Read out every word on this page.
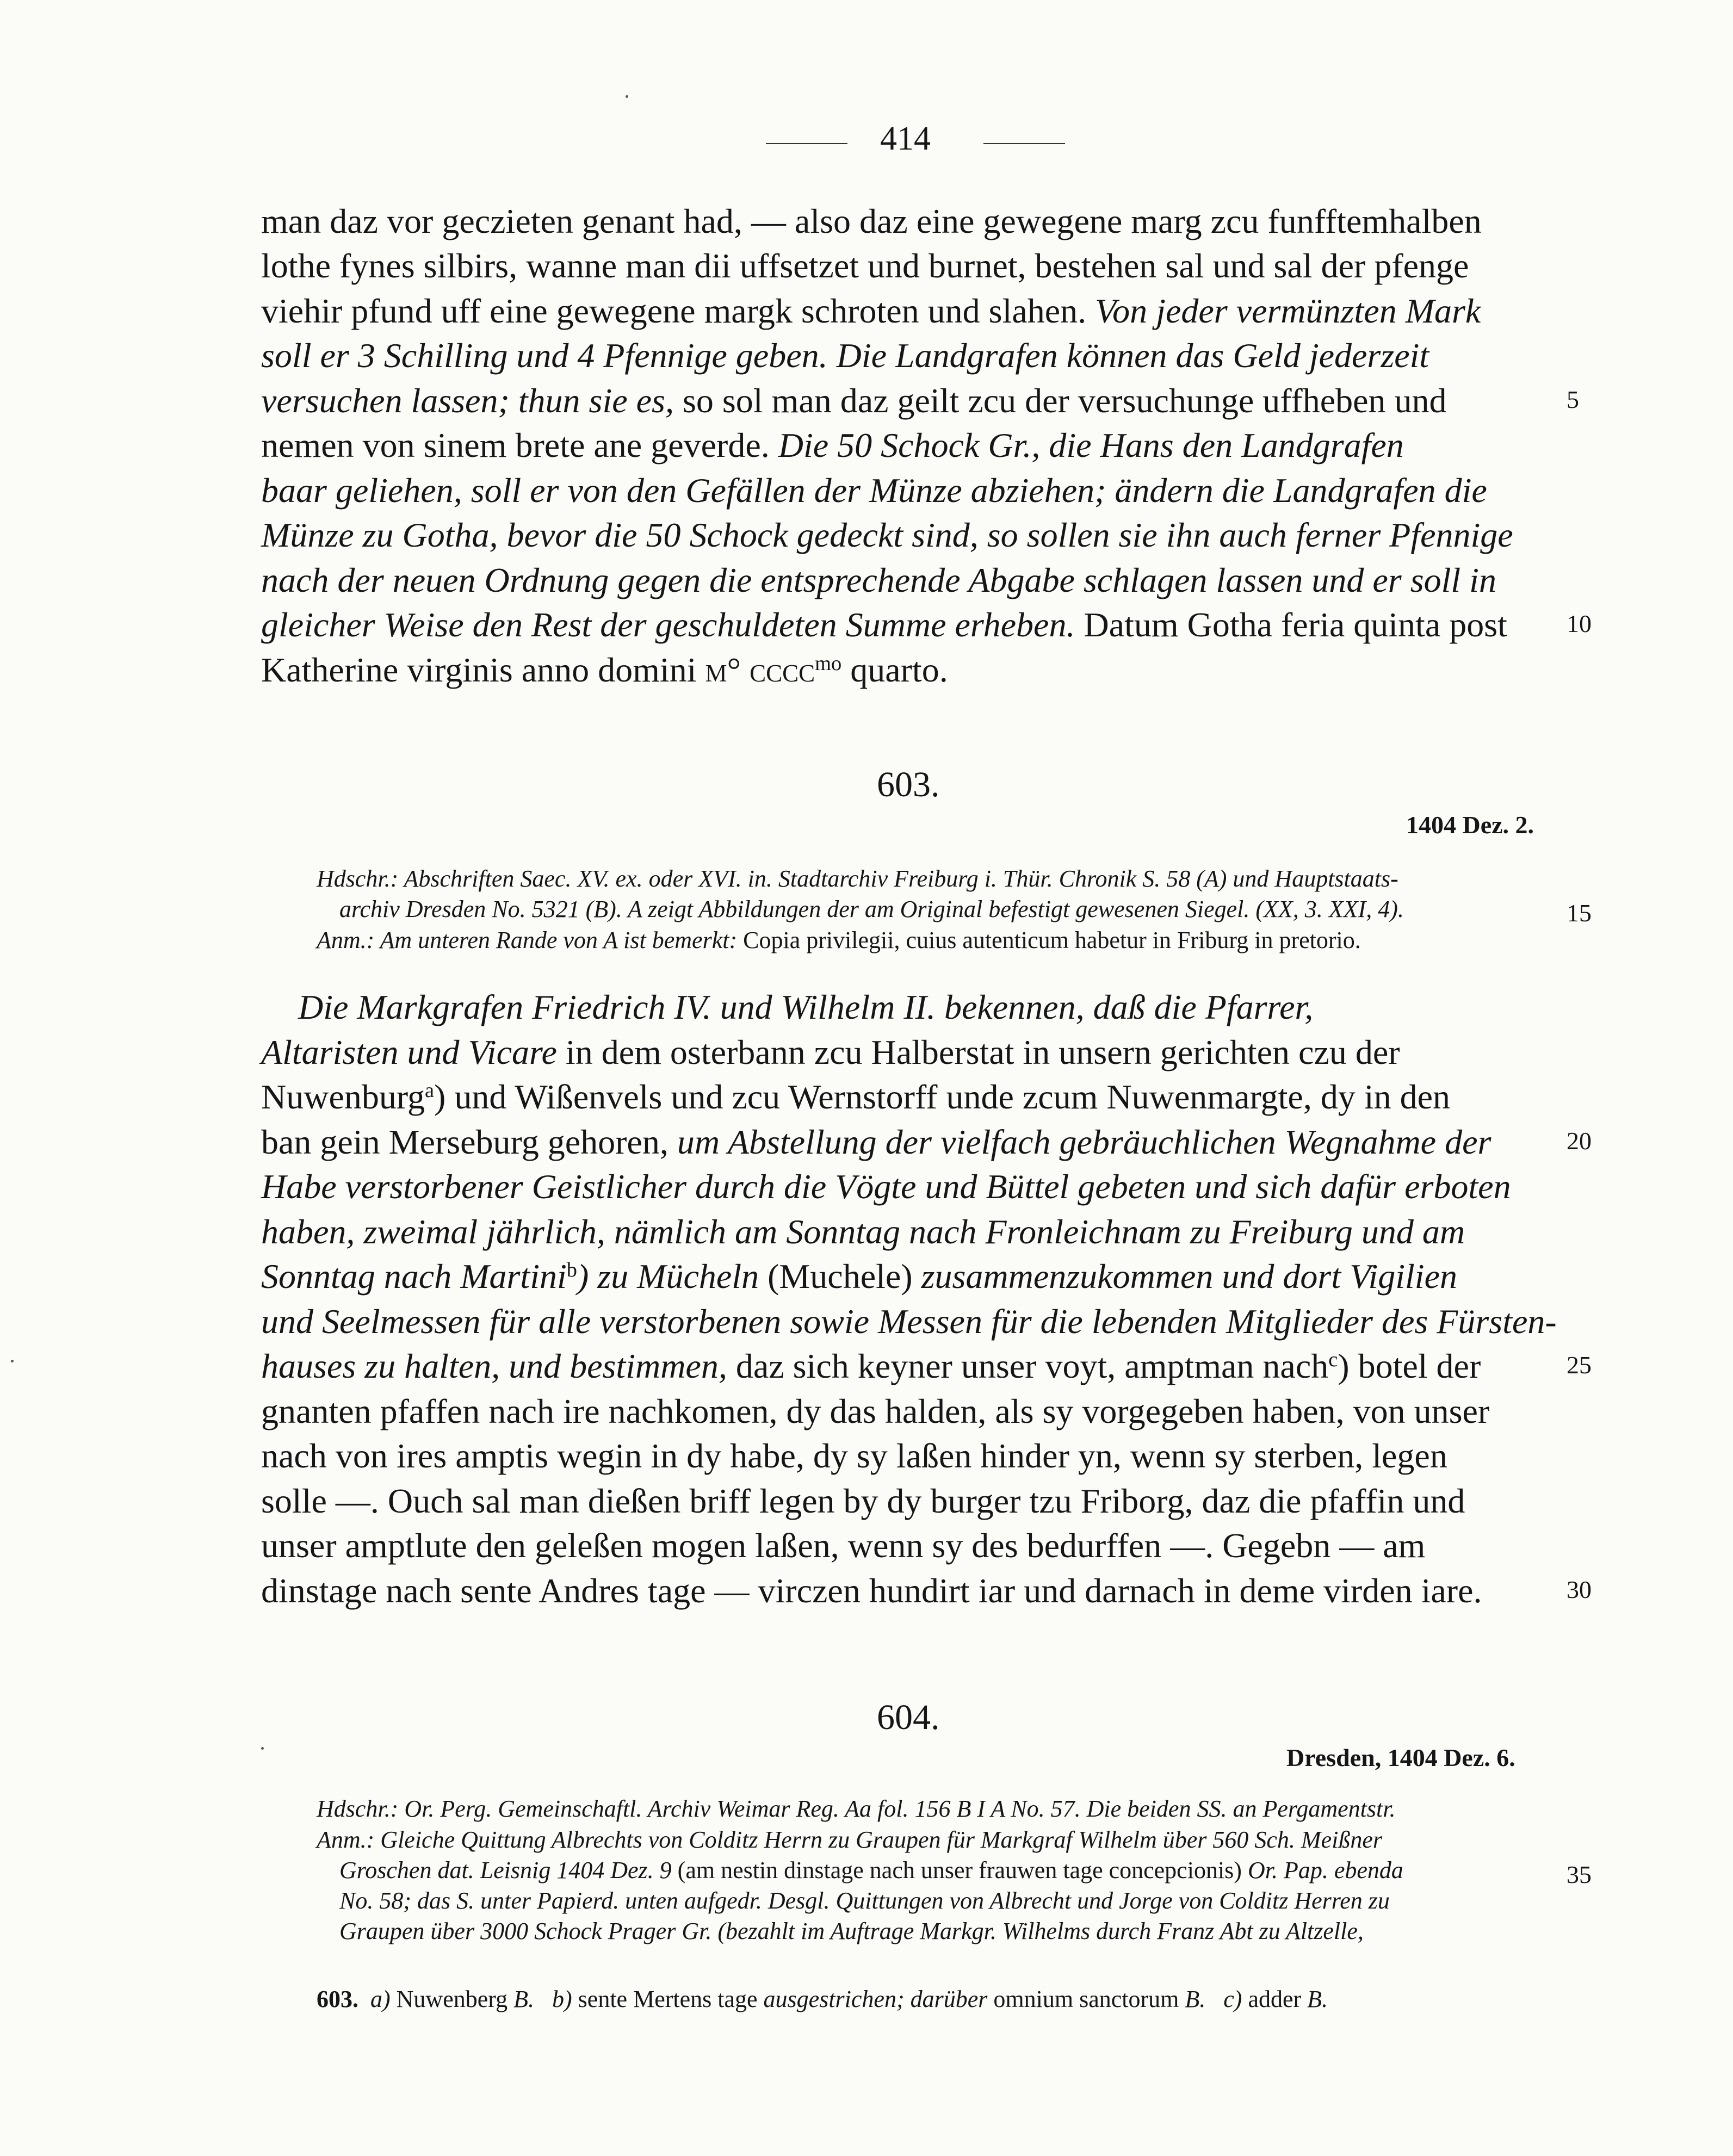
414
man daz vor geczieten genant had, — also daz eine gewegene marg zcu funfftemhalben
lothe fynes silbirs, wanne man dii uffsetzet und burnet, bestehen sal und sal der pfenge
viehir pfund uff eine gewegene margk schroten und slahen. Von jeder vermünzten Mark
soll er 3 Schilling und 4 Pfennige geben. Die Landgrafen können das Geld jederzeit
versuchen lassen; thun sie es, so sol man daz geilt zcu der versuchunge uffheben und
nemen von sinem brete ane geverde. Die 50 Schock Gr., die Hans den Landgrafen
baar geliehen, soll er von den Gefällen der Münze abziehen; ändern die Landgrafen die
Münze zu Gotha, bevor die 50 Schock gedeckt sind, so sollen sie ihn auch ferner Pfennige
nach der neuen Ordnung gegen die entsprechende Abgabe schlagen lassen und er soll in
gleicher Weise den Rest der geschuldeten Summe erheben. Datum Gotha feria quinta post
Katherine virginis anno domini m° cccc$^{mo}$ quarto.
5
10
603.
1404 Dez. 2.
Hdschr.: Abschriften Saec. XV. ex. oder XVI. in. Stadtarchiv Freiburg i. Thür. Chronik S. 58 (A) und Hauptstaats-
archiv Dresden No. 5321 (B). A zeigt Abbildungen der am Original befestigt gewesenen Siegel. (XX, 3. XXI, 4).
Anm.: Am unteren Rande von A ist bemerkt: Copia privilegii, cuius autenticum habetur in Friburg in pretorio.
15
Die Markgrafen Friedrich IV. und Wilhelm II. bekennen, daß die Pfarrer,
Altaristen und Vicare in dem osterbann zcu Halberstat in unsern gerichten czu der
Nuwenburg$^a$) und Wißenvels und zcu Wernstorff unde zcum Nuwenmargte, dy in den
ban gein Merseburg gehoren, um Abstellung der vielfach gebräuchlichen Wegnahme der
Habe verstorbener Geistlicher durch die Vögte und Büttel gebeten und sich dafür erboten
haben, zweimal jährlich, nämlich am Sonntag nach Fronleichnam zu Freiburg und am
Sonntag nach Martini$^b$) zu Mücheln (Muchele) zusammenzukommen und dort Vigilien
und Seelmessen für alle verstorbenen sowie Messen für die lebenden Mitglieder des Fürsten-
hauses zu halten, und bestimmen, daz sich keyner unser voyt, amptman nach$^c$) botel der
gnanten pfaffen nach ire nachkomen, dy das halden, als sy vorgegeben haben, von unser
nach von ires amptis wegin in dy habe, dy sy laßen hinder yn, wenn sy sterben, legen
solle —. Ouch sal man dießen briff legen by dy burger tzu Friborg, daz die pfaffin und
unser amptlute den geleßen mogen laßen, wenn sy des bedurffen —. Gegebn — am
dinstage nach sente Andres tage — virczen hundirt iar und darnach in deme virden iare.
20
25
30
604.
Dresden, 1404 Dez. 6.
Hdschr.: Or. Perg. Gemeinschaftl. Archiv Weimar Reg. Aa fol. 156 B I A No. 57. Die beiden SS. an Pergamentstr.
Anm.: Gleiche Quittung Albrechts von Colditz Herrn zu Graupen für Markgraf Wilhelm über 560 Sch. Meißner
Groschen dat. Leisnig 1404 Dez. 9 (am nestin dinstage nach unser frauwen tage concepcionis) Or. Pap. ebenda
No. 58; das S. unter Papierd. unten aufgedr. Desgl. Quittungen von Albrecht und Jorge von Colditz Herren zu
Graupen über 3000 Schock Prager Gr. (bezahlt im Auftrage Markgr. Wilhelms durch Franz Abt zu Altzelle,
35
603. a) Nuwenberg B. b) sente Mertens tage ausgestrichen; darüber omnium sanctorum B. c) adder B.
